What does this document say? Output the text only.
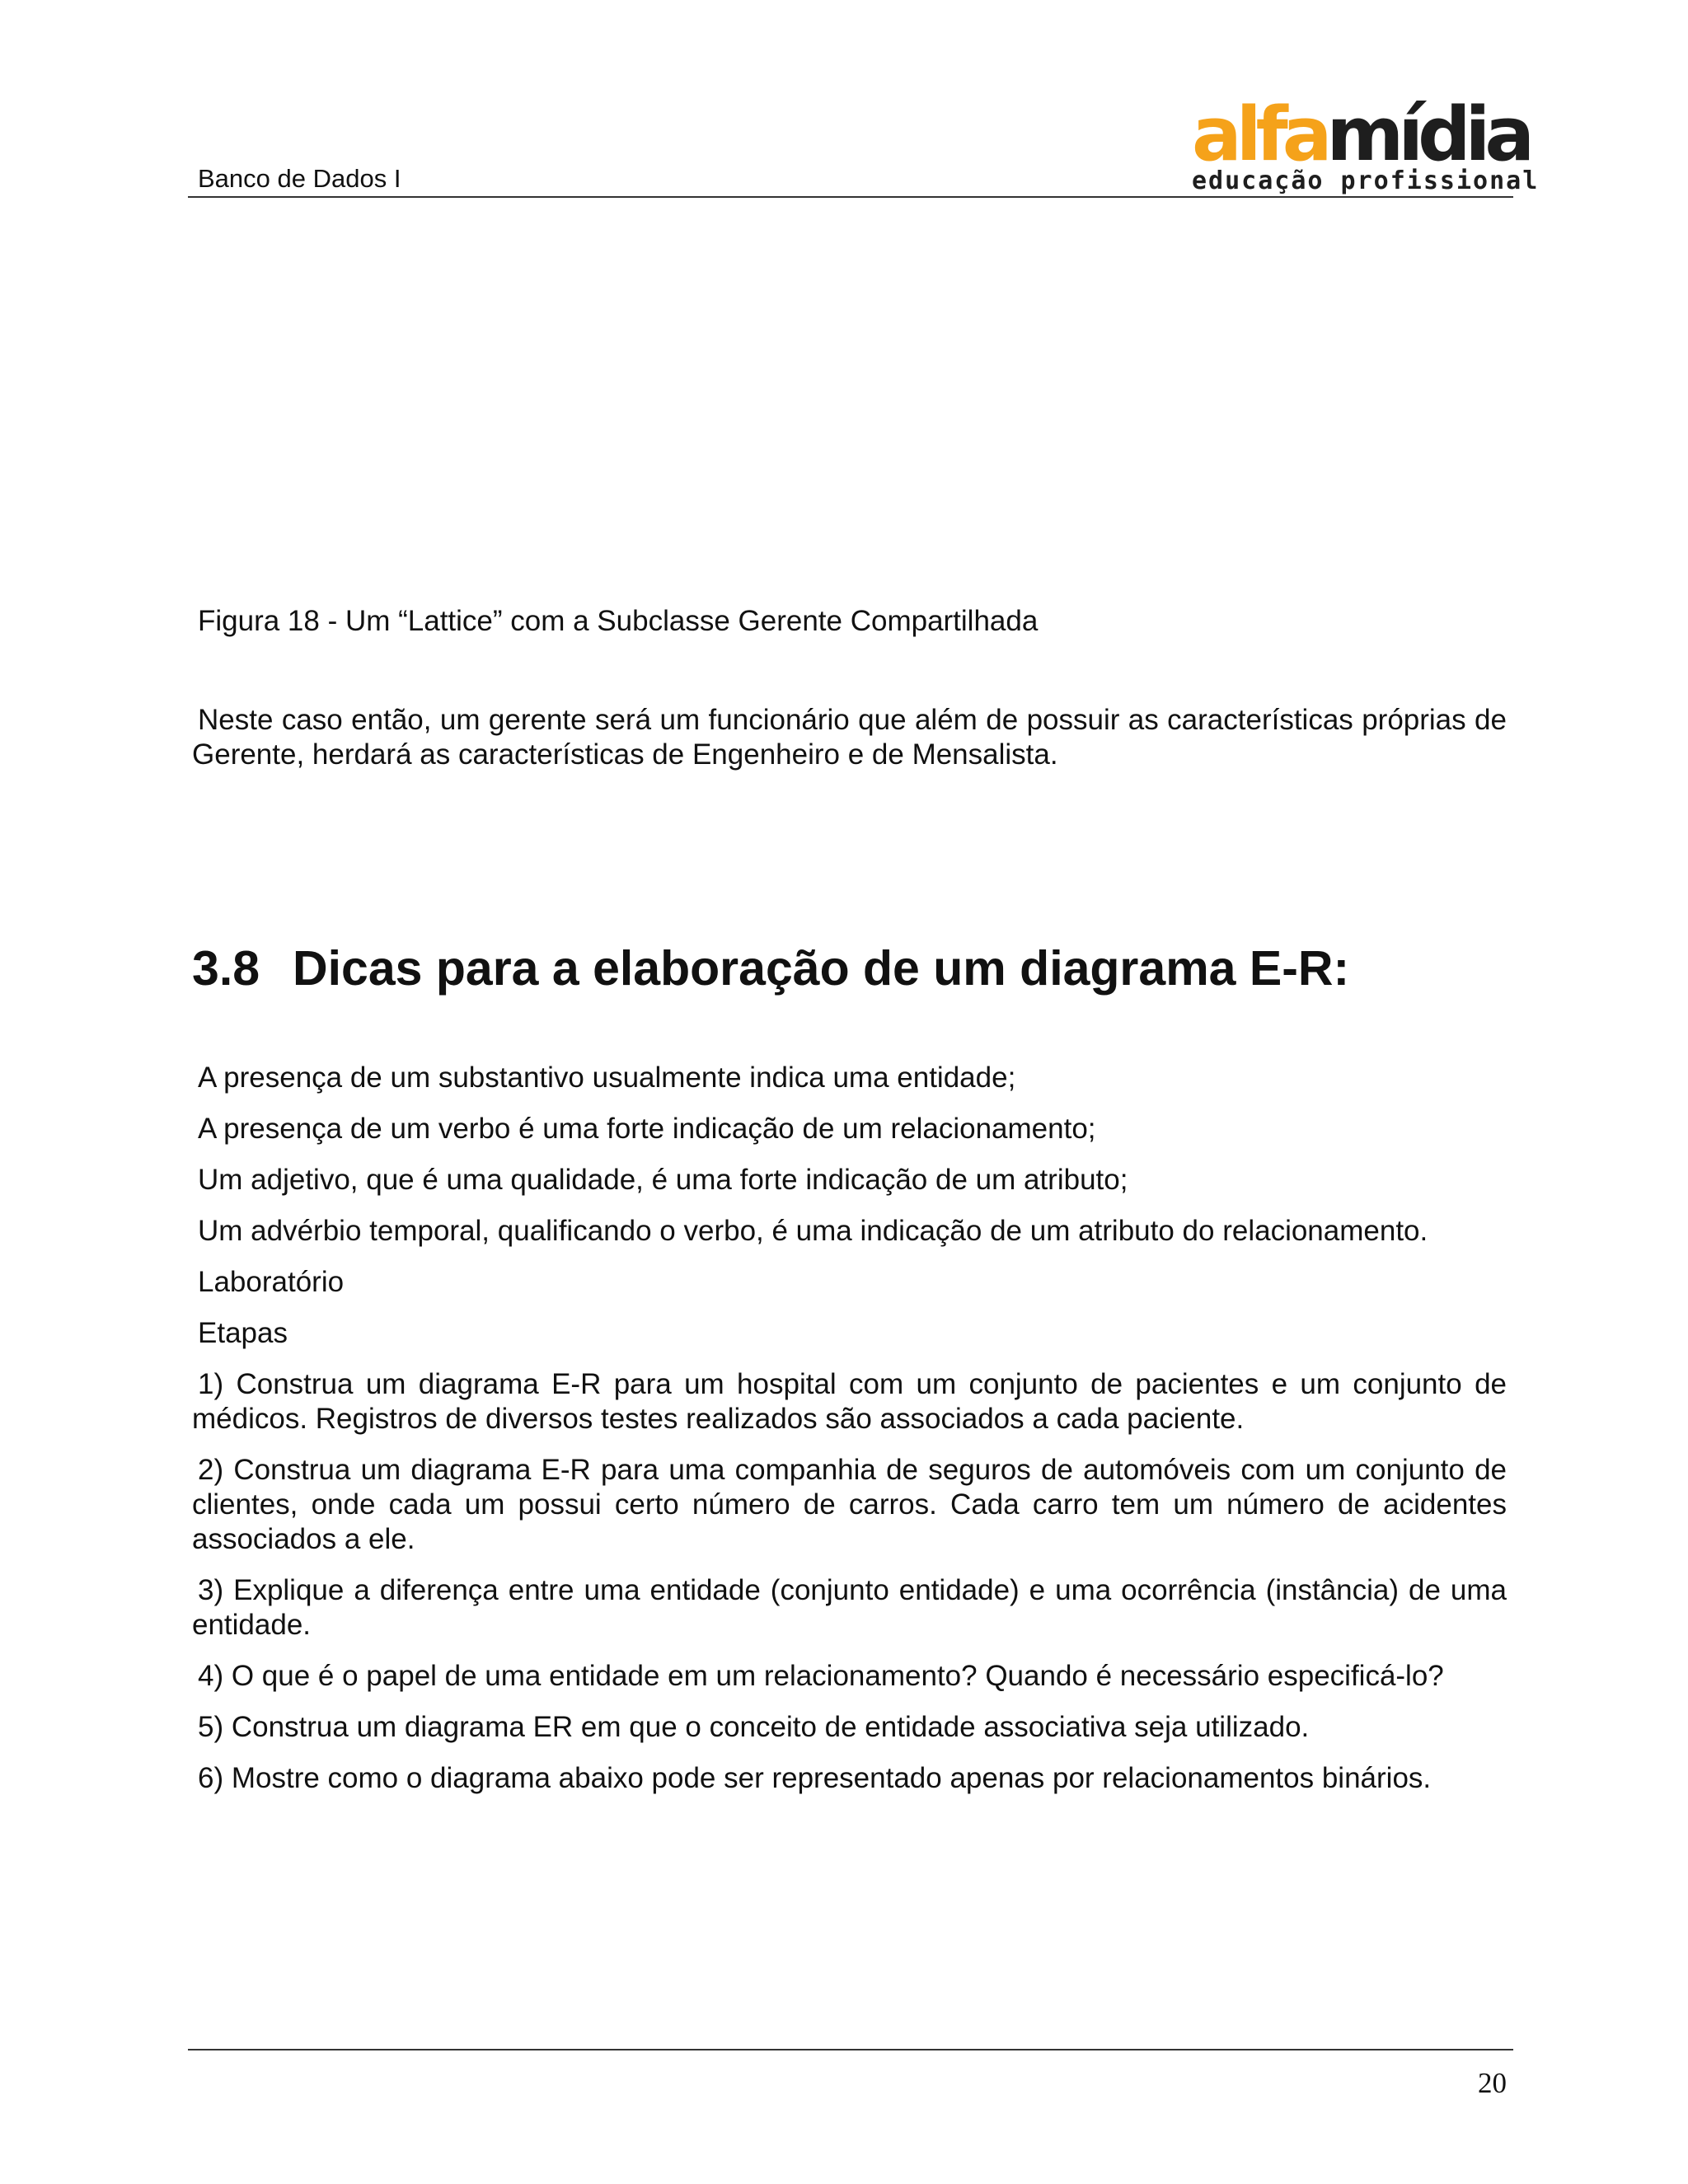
Banco de Dados I
alfamídia
educação profissional
Figura 18 - Um “Lattice” com a Subclasse Gerente Compartilhada
Neste caso então, um gerente será um funcionário que além de possuir as características próprias de Gerente, herdará as características de Engenheiro e de Mensalista.
3.8 Dicas para a elaboração de um diagrama E-R:
A presença de um substantivo usualmente indica uma entidade;
A presença de um verbo é uma forte indicação de um relacionamento;
Um adjetivo, que é uma qualidade, é uma forte indicação de um atributo;
Um advérbio temporal, qualificando o verbo, é uma indicação de um atributo do relacionamento.
Laboratório
Etapas
1) Construa um diagrama E-R para um hospital com um conjunto de pacientes e um conjunto de médicos. Registros de diversos testes realizados são associados a cada paciente.
2) Construa um diagrama E-R para uma companhia de seguros de automóveis com um conjunto de clientes, onde cada um possui certo número de carros. Cada carro tem um número de acidentes associados a ele.
3) Explique a diferença entre uma entidade (conjunto entidade) e uma ocorrência (instância) de uma entidade.
4) O que é o papel de uma entidade em um relacionamento? Quando é necessário especificá-lo?
5) Construa um diagrama ER em que o conceito de entidade associativa seja utilizado.
6) Mostre como o diagrama abaixo pode ser representado apenas por relacionamentos binários.
20
